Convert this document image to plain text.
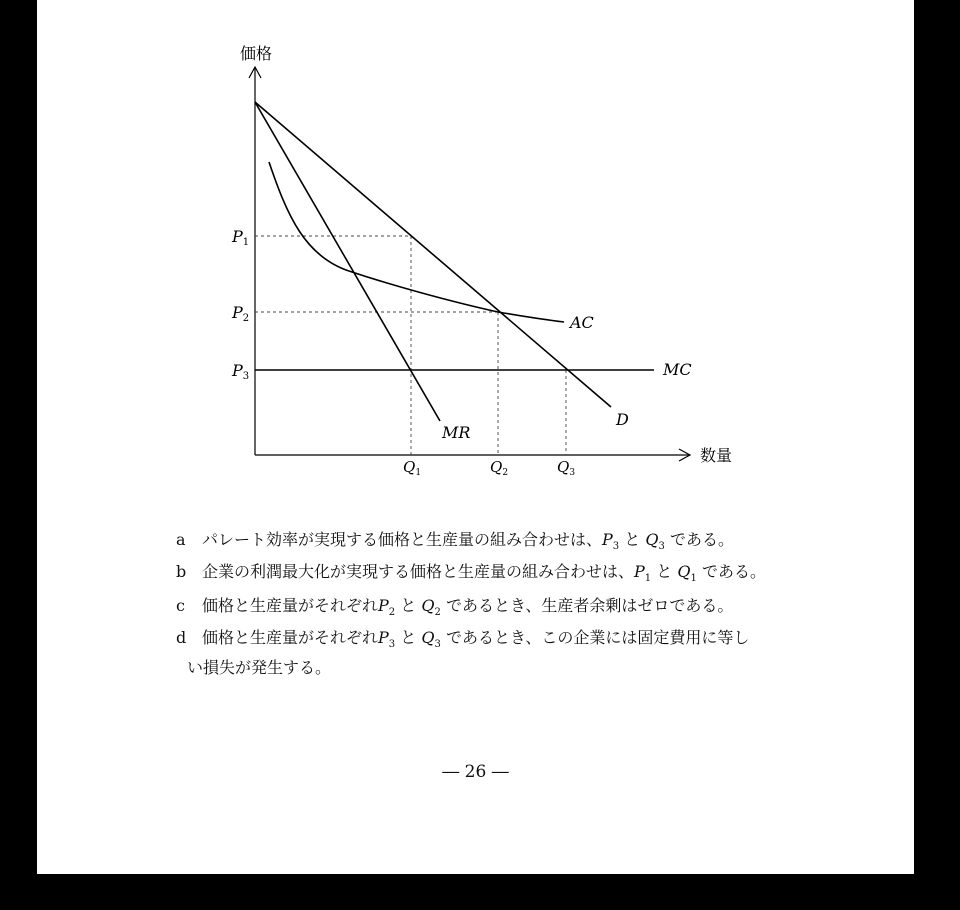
価格
数量
P1
P2
P3
$Q_1$	$Q_2$	$Q_3$
AC
MC
MR
D
a パレート効率が実現する価格と生産量の組み合わせは、$P_3$ と $Q_3$ である。
b 企業の利潤最大化が実現する価格と生産量の組み合わせは、$P_1$ と $Q_1$ である。
c 価格と生産量がそれぞれ$P_2$ と $Q_2$ であるとき、生産者余剰はゼロである。
d 価格と生産量がそれぞれ$P_3$ と $Q_3$ であるとき、この企業には固定費用に等し
い損失が発生する。
― 26 ―
